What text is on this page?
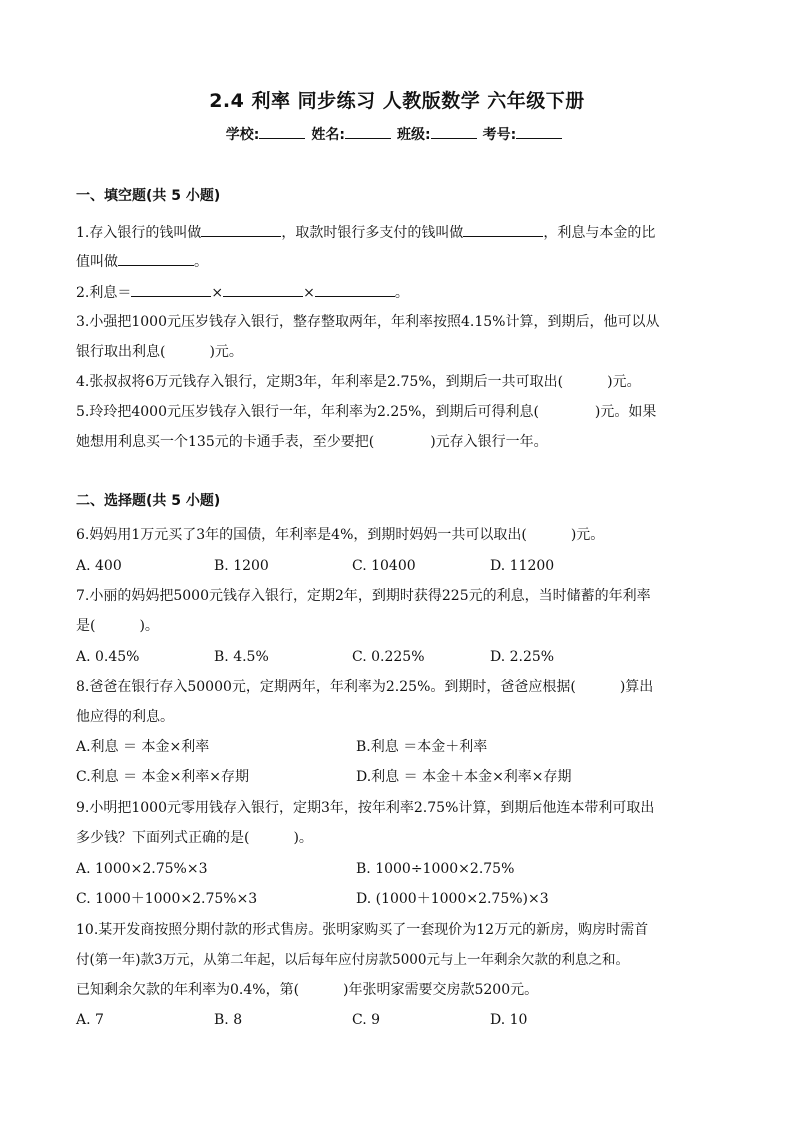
2.4 利率 同步练习 人教版数学 六年级下册
学校:	姓名:	班级:	考号:
一、填空题(共 5 小题)
1.存入银行的钱叫做	，取款时银行多支付的钱叫做	，利息与本金的比
值叫做	。
2.利息＝	×	×	。
3.小强把1000元压岁钱存入银行，整存整取两年，年利率按照4.15%计算，到期后，他可以从
银行取出利息(	)元。
4.张叔叔将6万元钱存入银行，定期3年，年利率是2.75%，到期后一共可取出(	)元。
5.玲玲把4000元压岁钱存入银行一年，年利率为2.25%，到期后可得利息(	)元。如果
她想用利息买一个135元的卡通手表，至少要把(	)元存入银行一年。
二、选择题(共 5 小题)
6.妈妈用1万元买了3年的国债，年利率是4%，到期时妈妈一共可以取出(	)元。
A. 400	B. 1200	C. 10400	D. 11200
7.小丽的妈妈把5000元钱存入银行，定期2年，到期时获得225元的利息，当时储蓄的年利率
是(	)。
A. 0.45%	B. 4.5%	C. 0.225%	D. 2.25%
8.爸爸在银行存入50000元，定期两年，年利率为2.25%。到期时，爸爸应根据(	)算出
他应得的利息。
A.利息 ＝ 本金×利率	B.利息 ＝本金＋利率
C.利息 ＝ 本金×利率×存期	D.利息 ＝ 本金＋本金×利率×存期
9.小明把1000元零用钱存入银行，定期3年，按年利率2.75%计算，到期后他连本带利可取出
多少钱？下面列式正确的是(	)。
A. 1000×2.75%×3	B. 1000÷1000×2.75%
C. 1000＋1000×2.75%×3	D. (1000＋1000×2.75%)×3
10.某开发商按照分期付款的形式售房。张明家购买了一套现价为12万元的新房，购房时需首
付(第一年)款3万元，从第二年起，以后每年应付房款5000元与上一年剩余欠款的利息之和。
已知剩余欠款的年利率为0.4%，第(	)年张明家需要交房款5200元。
A. 7	B. 8	C. 9	D. 10
